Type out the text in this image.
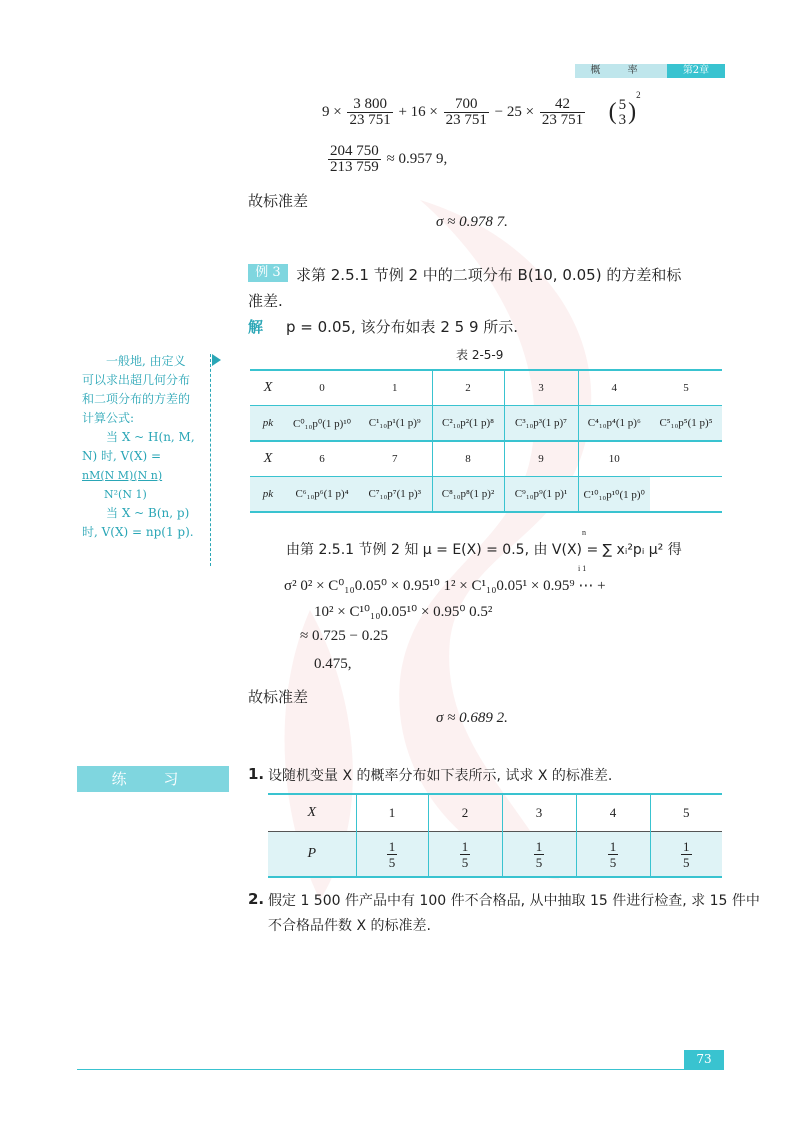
概 率	第2章
$9 \times \frac{3 800}{23 751} + 16 \times \frac{700}{23 751} - 25 \times \frac{42}{23 751}$ ( 5
3 )$^2$
$\frac{204 750}{213 759} \approx 0.957$ 9,
故标准差
σ ≈ 0.978 7.
例 3	求第 2.5.1 节例 2 中的二项分布 B(10, 0.05) 的方差和标
准差.
解 p = 0.05, 该分布如表 2 5 9 所示.
一般地, 由定义
可以求出超几何分布
和二项分布的方差的
计算公式:
当 X ~ H(n, M,
N) 时, V(X) =
nM(N M)(N n)
N²(N 1)
当 X ~ B(n, p)
时, V(X) = np(1 p).
表 2-5-9
X	0	1	2	3	4	5
pk	C⁰₁₀p⁰(1 p)¹⁰	C¹₁₀p¹(1 p)⁹	C²₁₀p²(1 p)⁸	C³₁₀p³(1 p)⁷	C⁴₁₀p⁴(1 p)⁶	C⁵₁₀p⁵(1 p)⁵
X	6	7	8	9	10	
pk	C⁶₁₀p⁶(1 p)⁴	C⁷₁₀p⁷(1 p)³	C⁸₁₀p⁸(1 p)²	C⁹₁₀p⁹(1 p)¹	C¹⁰₁₀p¹⁰(1 p)⁰	
由第 2.5.1 节例 2 知 μ = E(X) = 0.5, 由 V(X) = ∑ xᵢ²pᵢ μ² 得
n
i 1
σ² 0² × C⁰₁₀0.05⁰ × 0.95¹⁰ 1² × C¹₁₀0.05¹ × 0.95⁹ ⋯ +
10² × C¹⁰₁₀0.05¹⁰ × 0.95⁰ 0.5²
≈ 0.725 − 0.25
0.475,
故标准差
σ ≈ 0.689 2.
练 习	1. 设随机变量 X 的概率分布如下表所示, 试求 X 的标准差.
X	1	2	3	4	5
P	$\frac{1}{5}$	$\frac{1}{5}$	$\frac{1}{5}$	$\frac{1}{5}$	$\frac{1}{5}$
2. 假定 1 500 件产品中有 100 件不合格品, 从中抽取 15 件进行检查, 求 15 件中
不合格品件数 X 的标准差.
73
